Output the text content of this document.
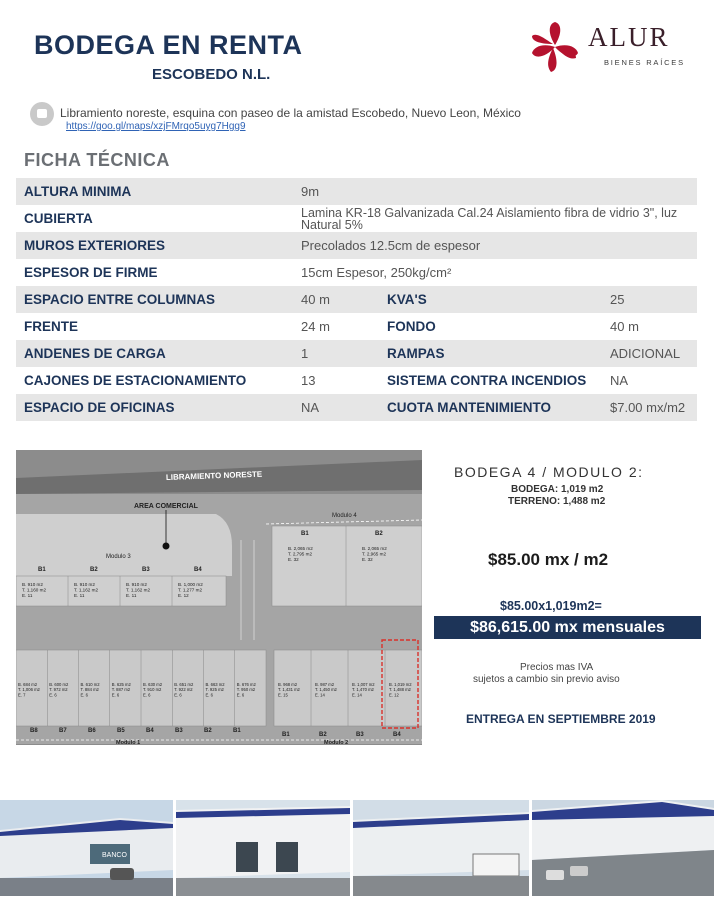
BODEGA EN RENTA
ESCOBEDO N.L.
ALUR
BIENES RAÍCES
Libramiento noreste, esquina con paseo de la amistad Escobedo, Nuevo Leon, México
https://goo.gl/maps/xzjFMrqo5uyg7Hgg9
FICHA TÉCNICA
ALTURA MINIMA	9m
CUBIERTA	Lamina KR-18 Galvanizada Cal.24 Aislamiento fibra de vidrio 3", luz Natural 5%
MUROS EXTERIORES	Precolados 12.5cm de espesor
ESPESOR DE FIRME	15cm Espesor, 250kg/cm²
ESPACIO ENTRE COLUMNAS	40 m	KVA'S	25
FRENTE	24 m	FONDO	40 m
ANDENES DE CARGA	1	RAMPAS	ADICIONAL
CAJONES DE ESTACIONAMIENTO	13	SISTEMA CONTRA INCENDIOS NA
ESPACIO DE OFICINAS	NA	CUOTA MANTENIMIENTO	$7.00 mx/m2
LIBRAMIENTO NORESTE
AREA COMERCIAL
Modulo 3
Modulo 4
B1	B2	B3	B4
B. 910 m2
T. 1,160 m2
E. 11
B. 910 m2
T. 1,162 m2
E. 11
B. 910 m2
T. 1,162 m2
E. 11
B. 1,000 m2
T. 1,277 m2
E. 12
B1	B2
B. 2,065 m2
T. 2,795 m2
E. 32
B. 2,065 m2
T. 2,965 m2
E. 32
B. 684 m2
T. 1,006 m2
E. 7
B. 600 m2
T. 972 m2
E. 6
B. 610 m2
T. 884 m2
E. 6
B. 625 m2
T. 887 m2
E. 6
B. 630 m2
T. 910 m2
E. 6
B. 651 m2
T. 922 m2
E. 6
B. 663 m2
T. 925 m2
E. 6
B. 676 m2
T. 950 m2
E. 6
B8	B7	B6	B5	B4	B3	B2	B1
B. 968 m2
T. 1,431 m2
E. 15
B. 987 m2
T. 1,450 m2
E. 14
B. 1,007 m2
T. 1,470 m2
E. 14
B. 1,019 m2
T. 1,488 m2
E. 12
B1	B2	B3	B4
Modulo 1	Modulo 2
BODEGA 4 / MODULO 2:
BODEGA: 1,019 m2
TERRENO: 1,488 m2
$85.00 mx / m2
$85.00x1,019m2=
$86,615.00 mx mensuales
Precios mas IVA
sujetos a cambio sin previo aviso
ENTREGA EN SEPTIEMBRE 2019
BANCO
